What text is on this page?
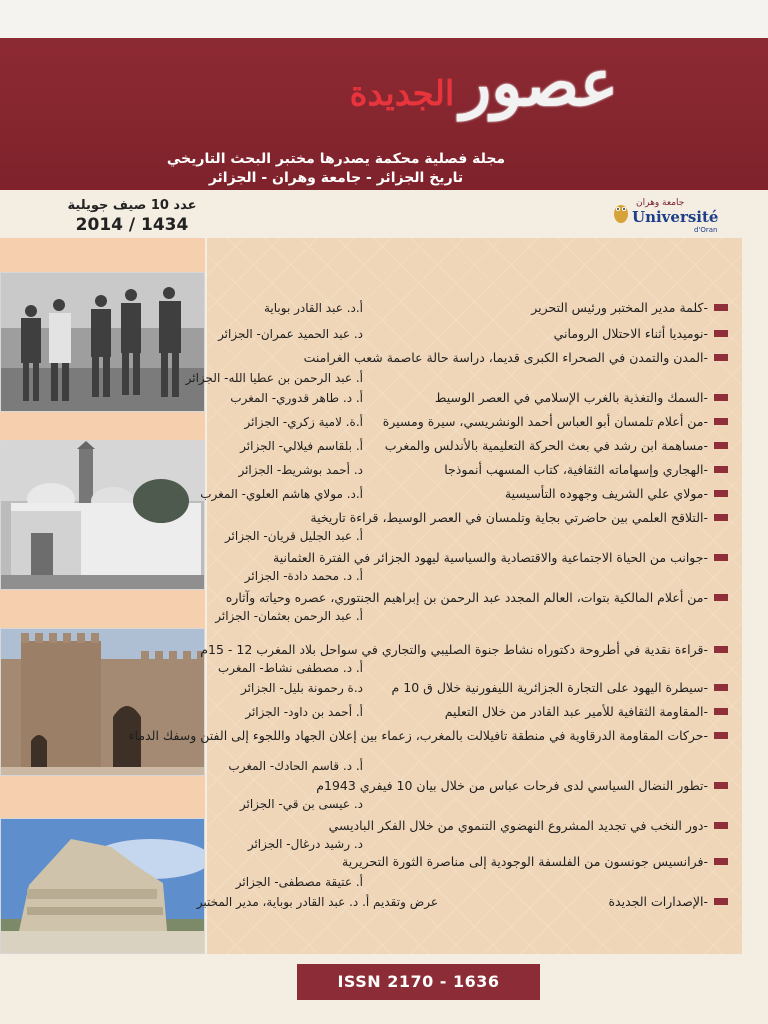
عصورالجديدة
مجلة فصلية محكمة يصدرها مختبر البحث التاريخي
تاريخ الجزائر - جامعة وهران - الجزائر
عدد 10 صيف جويلية
2014 / 1434
جامعة وهران
Université
d'Oran
-كلمة مدير المختبر ورئيس التحرير
أ.د. عبد القادر بوباية
-نوميديا أثناء الاحتلال الروماني
د. عبد الحميد عمران- الجزائر
-المدن والتمدن في الصحراء الكبرى قديما، دراسة حالة عاصمة شعب الغرامنت
أ. عبد الرحمن بن عطيا الله- الجزائر
-السمك والتغذية بالغرب الإسلامي في العصر الوسيط
أ. د. طاهر قدوري- المغرب
-من أعلام تلمسان أبو العباس أحمد الونشريسي، سيرة ومسيرة
أ.ة. لامية زكري- الجزائر
-مساهمة ابن رشد في بعث الحركة التعليمية بالأندلس والمغرب
أ. بلقاسم فيلالي- الجزائر
-الهجاري وإسهاماته الثقافية، كتاب المسهب أنموذجا
د. أحمد بوشريط- الجزائر
-مولاي علي الشريف وجهوده التأسيسية
أ.د. مولاي هاشم العلوي- المغرب
-التلاقح العلمي بين حاضرتي بجاية وتلمسان في العصر الوسيط، قراءة تاريخية
أ. عبد الجليل قريان- الجزائر
-جوانب من الحياة الاجتماعية والاقتصادية والسياسية ليهود الجزائر في الفترة العثمانية
أ. د. محمد دادة- الجزائر
-من أعلام المالكية بتوات، العالم المجدد عبد الرحمن بن إبراهيم الجنتوري، عصره وحياته وآثاره
أ. عبد الرحمن بعثمان- الجزائر
-قراءة نقدية في أطروحة دكتوراه نشاط جنوة الصليبي والتجاري في سواحل بلاد المغرب 12 - 15م
أ. د. مصطفى نشاط- المغرب
-سيطرة اليهود على التجارة الجزائرية الليفورنية خلال ق 10 م
د.ة رحمونة بليل- الجزائر
-المقاومة الثقافية للأمير عبد القادر من خلال التعليم
أ. أحمد بن داود- الجزائر
-حركات المقاومة الدرقاوية في منطقة تافيلالت بالمغرب، زعماء بين إعلان الجهاد واللجوء إلى الفتن وسفك الدماء
أ. د. قاسم الحادك- المغرب
-تطور النضال السياسي لدى فرحات عباس من خلال بيان 10 فيفري 1943م
د. عيسى بن قي- الجزائر
-دور النخب في تجديد المشروع النهضوي التنموي من خلال الفكر الباديسي
د. رشيد درغال- الجزائر
-فرانسيس جونسون من الفلسفة الوجودية إلى مناصرة الثورة التحريرية
أ. عتيقة مصطفى- الجزائر
-الإصدارات الجديدة
عرض وتقديم أ. د. عبد القادر بوباية، مدير المختبر
ISSN 2170 - 1636
